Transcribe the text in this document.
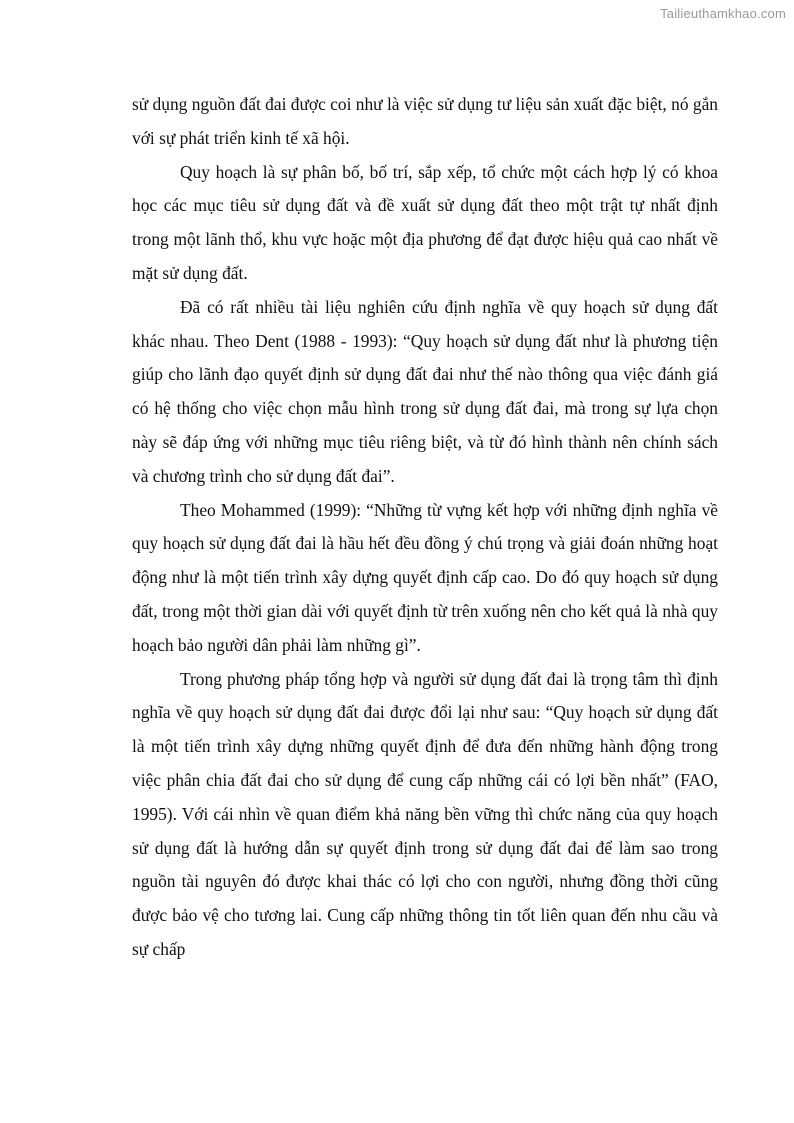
Tailieuthamkhao.com

sử dụng nguồn đất đai được coi như là việc sử dụng tư liệu sản xuất đặc biệt, nó gắn với sự phát triển kinh tế xã hội.

Quy hoạch là sự phân bố, bố trí, sắp xếp, tổ chức một cách hợp lý có khoa học các mục tiêu sử dụng đất và đề xuất sử dụng đất theo một trật tự nhất định trong một lãnh thổ, khu vực hoặc một địa phương để đạt được hiệu quả cao nhất về mặt sử dụng đất.

Đã có rất nhiều tài liệu nghiên cứu định nghĩa về quy hoạch sử dụng đất khác nhau. Theo Dent (1988 - 1993): “Quy hoạch sử dụng đất như là phương tiện giúp cho lãnh đạo quyết định sử dụng đất đai như thế nào thông qua việc đánh giá có hệ thống cho việc chọn mẫu hình trong sử dụng đất đai, mà trong sự lựa chọn này sẽ đáp ứng với những mục tiêu riêng biệt, và từ đó hình thành nên chính sách và chương trình cho sử dụng đất đai”.

Theo Mohammed (1999): “Những từ vựng kết hợp với những định nghĩa về quy hoạch sử dụng đất đai là hầu hết đều đồng ý chú trọng và giải đoán những hoạt động như là một tiến trình xây dựng quyết định cấp cao. Do đó quy hoạch sử dụng đất, trong một thời gian dài với quyết định từ trên xuống nên cho kết quả là nhà quy hoạch bảo người dân phải làm những gì”.

Trong phương pháp tổng hợp và người sử dụng đất đai là trọng tâm thì định nghĩa về quy hoạch sử dụng đất đai được đổi lại như sau: “Quy hoạch sử dụng đất là một tiến trình xây dựng những quyết định để đưa đến những hành động trong việc phân chia đất đai cho sử dụng để cung cấp những cái có lợi bền nhất” (FAO, 1995). Với cái nhìn về quan điểm khả năng bền vững thì chức năng của quy hoạch sử dụng đất là hướng dẫn sự quyết định trong sử dụng đất đai để làm sao trong nguồn tài nguyên đó được khai thác có lợi cho con người, nhưng đồng thời cũng được bảo vệ cho tương lai. Cung cấp những thông tin tốt liên quan đến nhu cầu và sự chấp
